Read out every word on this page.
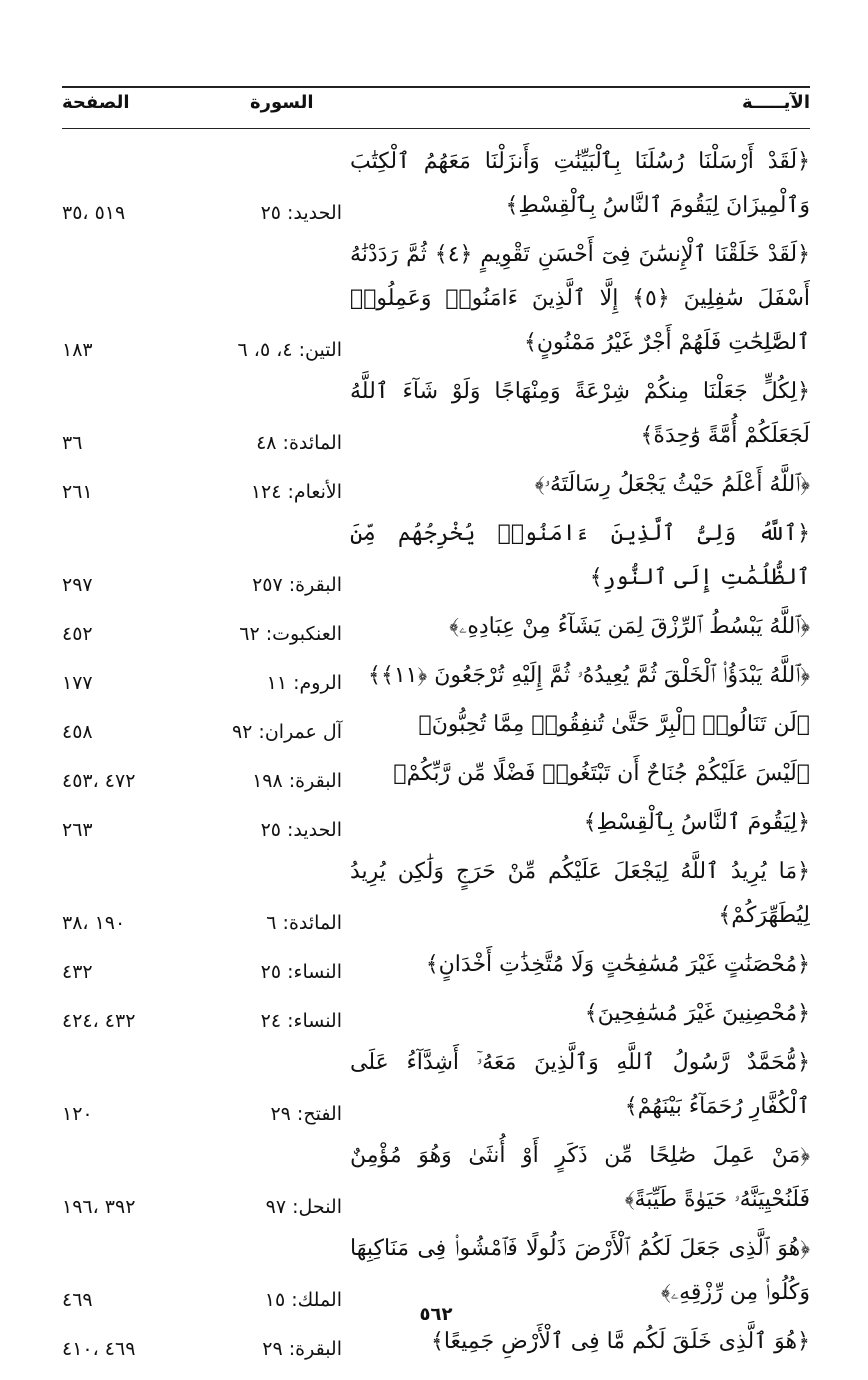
الآيـــــة
السورة
الصفحة
﴿لَقَدْ أَرْسَلْنَا رُسُلَنَا بِٱلْبَيِّنَٰتِ وَأَنزَلْنَا مَعَهُمُ ٱلْكِتَٰبَ وَٱلْمِيزَانَ لِيَقُومَ ٱلنَّاسُ بِٱلْقِسْطِ﴾
الحديد: ٢٥
٥١٩ ،٣٥
﴿لَقَدْ خَلَقْنَا ٱلْإِنسَٰنَ فِىٓ أَحْسَنِ تَقْوِيمٍ ﴿٤﴾ ثُمَّ رَدَدْنَٰهُ أَسْفَلَ سَٰفِلِينَ ﴿٥﴾ إِلَّا ٱلَّذِينَ ءَامَنُوا۟ وَعَمِلُوا۟ ٱلصَّٰلِحَٰتِ فَلَهُمْ أَجْرٌ غَيْرُ مَمْنُونٍ﴾
التين: ٤، ٥، ٦
١٨٣
﴿لِكُلٍّ جَعَلْنَا مِنكُمْ شِرْعَةً وَمِنْهَاجًا وَلَوْ شَآءَ ٱللَّهُ لَجَعَلَكُمْ أُمَّةً وَٰحِدَةً﴾
المائدة: ٤٨
٣٦
﴿ٱللَّهُ أَعْلَمُ حَيْثُ يَجْعَلُ رِسَالَتَهُۥ﴾
الأنعام: ١٢٤
٢٦١
﴿ٱللَّهُ وَلِىُّ ٱلَّذِينَ ءَامَنُوا۟ يُخْرِجُهُم مِّنَ ٱلظُّلُمَٰتِ إِلَى ٱلنُّورِ﴾
البقرة: ٢٥٧
٢٩٧
﴿ٱللَّهُ يَبْسُطُ ٱلرِّزْقَ لِمَن يَشَآءُ مِنْ عِبَادِهِۦ﴾
العنكبوت: ٦٢
٤٥٢
﴿ٱللَّهُ يَبْدَؤُا۟ ٱلْخَلْقَ ثُمَّ يُعِيدُهُۥ ثُمَّ إِلَيْهِ تُرْجَعُونَ ﴿١١﴾﴾
الروم: ١١
١٧٧
﴿لَن تَنَالُوا۟ ٱلْبِرَّ حَتَّىٰ تُنفِقُوا۟ مِمَّا تُحِبُّونَ﴾
آل عمران: ٩٢
٤٥٨
﴿لَيْسَ عَلَيْكُمْ جُنَاحٌ أَن تَبْتَغُوا۟ فَضْلًا مِّن رَّبِّكُمْ﴾
البقرة: ١٩٨
٤٧٢ ،٤٥٣
﴿لِيَقُومَ ٱلنَّاسُ بِٱلْقِسْطِ﴾
الحديد: ٢٥
٢٦٣
﴿مَا يُرِيدُ ٱللَّهُ لِيَجْعَلَ عَلَيْكُم مِّنْ حَرَجٍ وَلَٰكِن يُرِيدُ لِيُطَهِّرَكُمْ﴾
المائدة: ٦
١٩٠ ،٣٨
﴿مُحْصَنَٰتٍ غَيْرَ مُسَٰفِحَٰتٍ وَلَا مُتَّخِذَٰتِ أَخْدَانٍ﴾
النساء: ٢٥
٤٣٢
﴿مُحْصِنِينَ غَيْرَ مُسَٰفِحِينَ﴾
النساء: ٢٤
٤٣٢ ،٤٢٤
﴿مُّحَمَّدٌ رَّسُولُ ٱللَّهِ وَٱلَّذِينَ مَعَهُۥٓ أَشِدَّآءُ عَلَى ٱلْكُفَّارِ رُحَمَآءُ بَيْنَهُمْ﴾
الفتح: ٢٩
١٢٠
﴿مَنْ عَمِلَ صَٰلِحًا مِّن ذَكَرٍ أَوْ أُنثَىٰ وَهُوَ مُؤْمِنٌ فَلَنُحْيِيَنَّهُۥ حَيَوٰةً طَيِّبَةً﴾
النحل: ٩٧
٣٩٢ ،١٩٦
﴿هُوَ ٱلَّذِى جَعَلَ لَكُمُ ٱلْأَرْضَ ذَلُولًا فَٱمْشُوا۟ فِى مَنَاكِبِهَا وَكُلُوا۟ مِن رِّزْقِهِۦ﴾
الملك: ١٥
٤٦٩
﴿هُوَ ٱلَّذِى خَلَقَ لَكُم مَّا فِى ٱلْأَرْضِ جَمِيعًا﴾
البقرة: ٢٩
٤٦٩ ،٤١٠
٥٦٢
